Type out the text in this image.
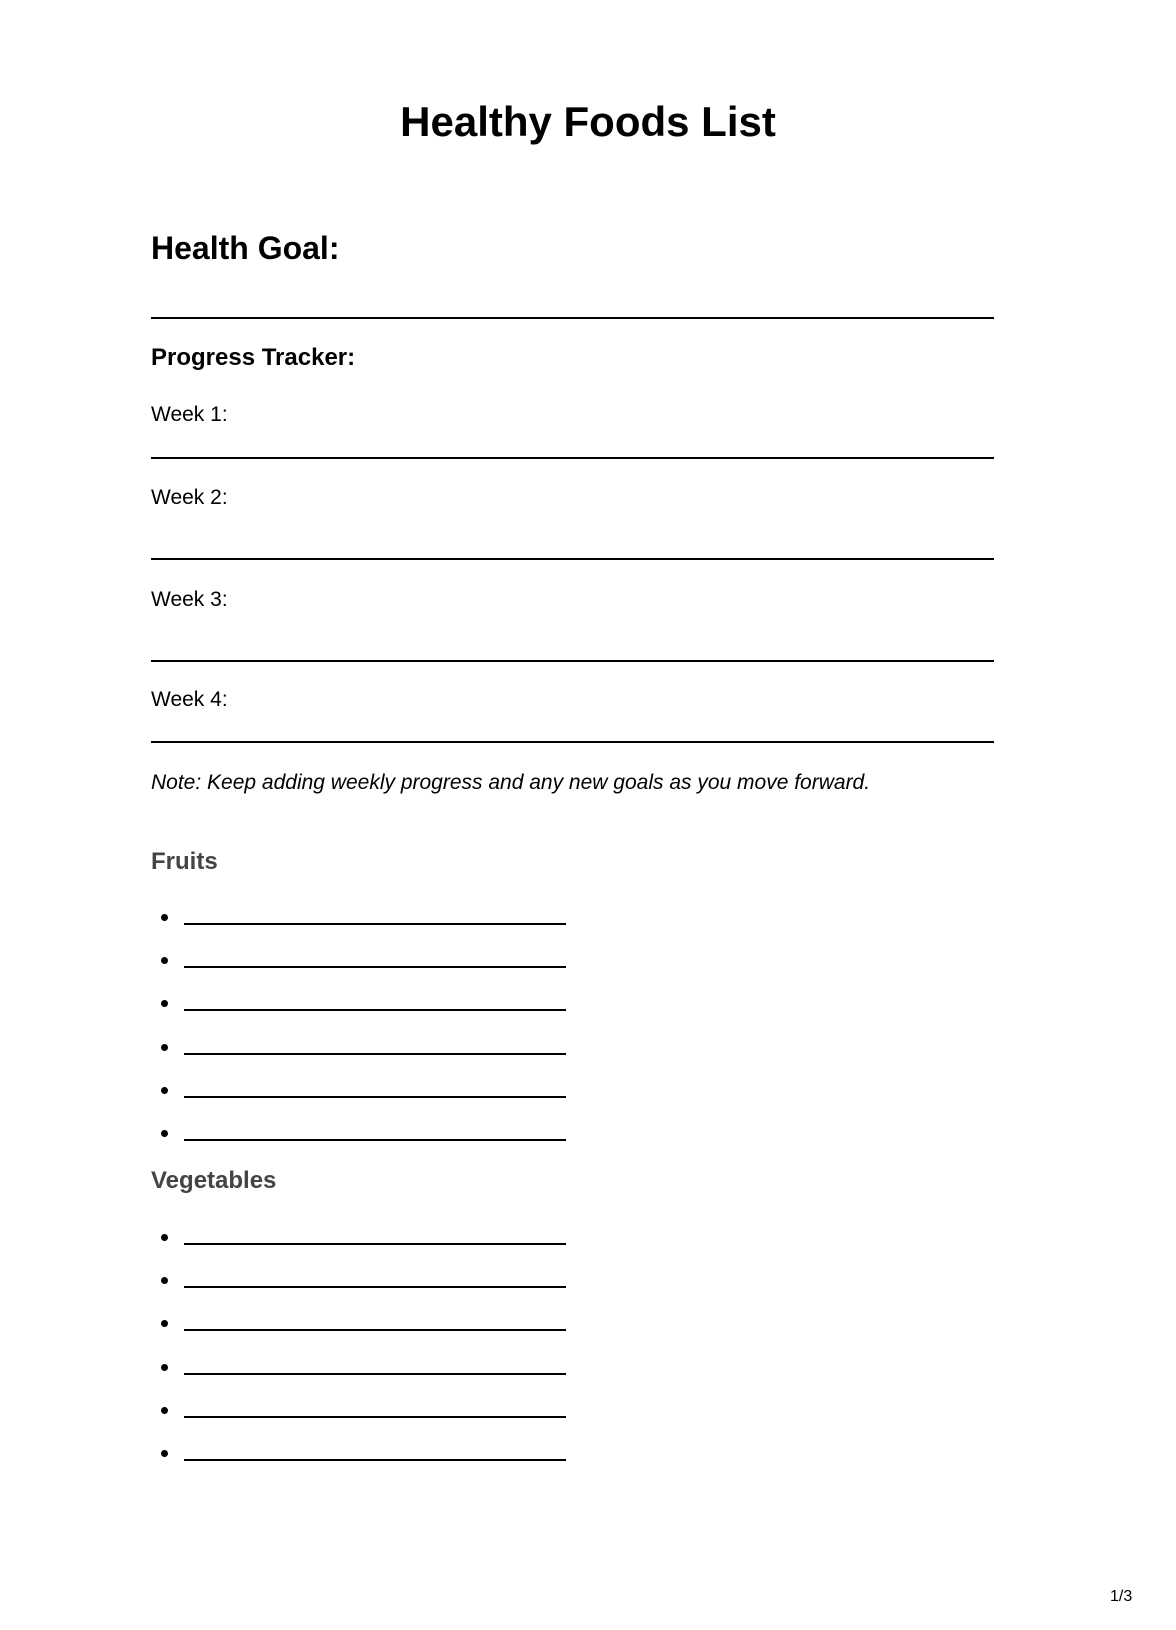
Healthy Foods List
Health Goal:
Progress Tracker:
Week 1:
Week 2:
Week 3:
Week 4:
Note: Keep adding weekly progress and any new goals as you move forward.
Fruits
Vegetables
1/3
